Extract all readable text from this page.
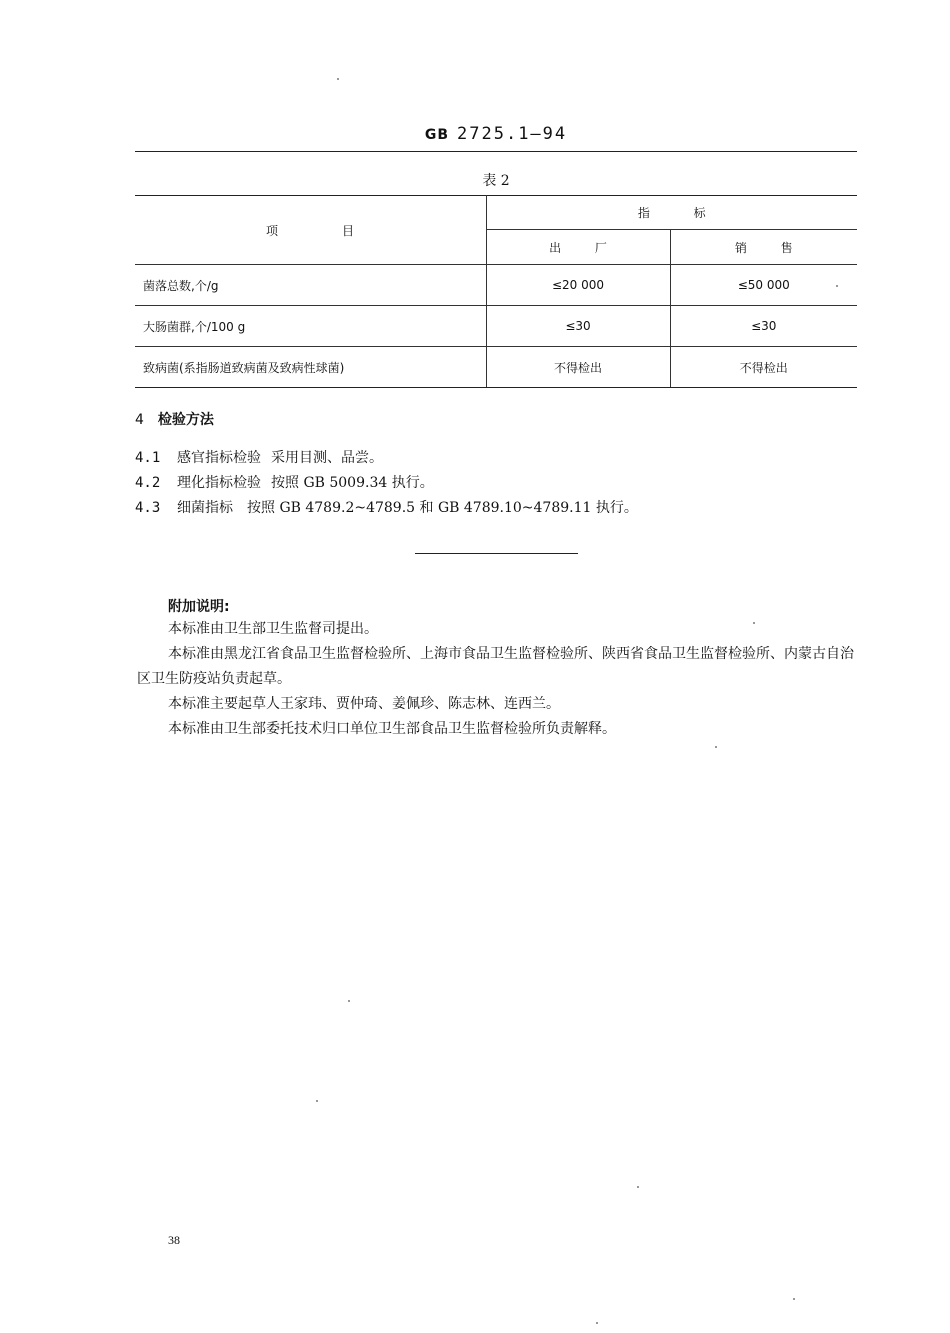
GB 2725.1—94
表 2
项 目	指 标	
	出 厂	销 售
菌落总数,个/g	≤20 000	≤50 000
大肠菌群,个/100 g	≤30	≤30
致病菌(系指肠道致病菌及致病性球菌)	不得检出	不得检出
4 检验方法
4.1 感官指标检验 采用目测、品尝。
4.2 理化指标检验 按照 GB 5009.34 执行。
4.3 细菌指标 按照 GB 4789.2~4789.5 和 GB 4789.10~4789.11 执行。
附加说明:
本标准由卫生部卫生监督司提出。
本标准由黑龙江省食品卫生监督检验所、上海市食品卫生监督检验所、陕西省食品卫生监督检验所、内蒙古自治区卫生防疫站负责起草。
本标准主要起草人王家玮、贾仲琦、姜佩珍、陈志林、连西兰。
本标准由卫生部委托技术归口单位卫生部食品卫生监督检验所负责解释。
38
